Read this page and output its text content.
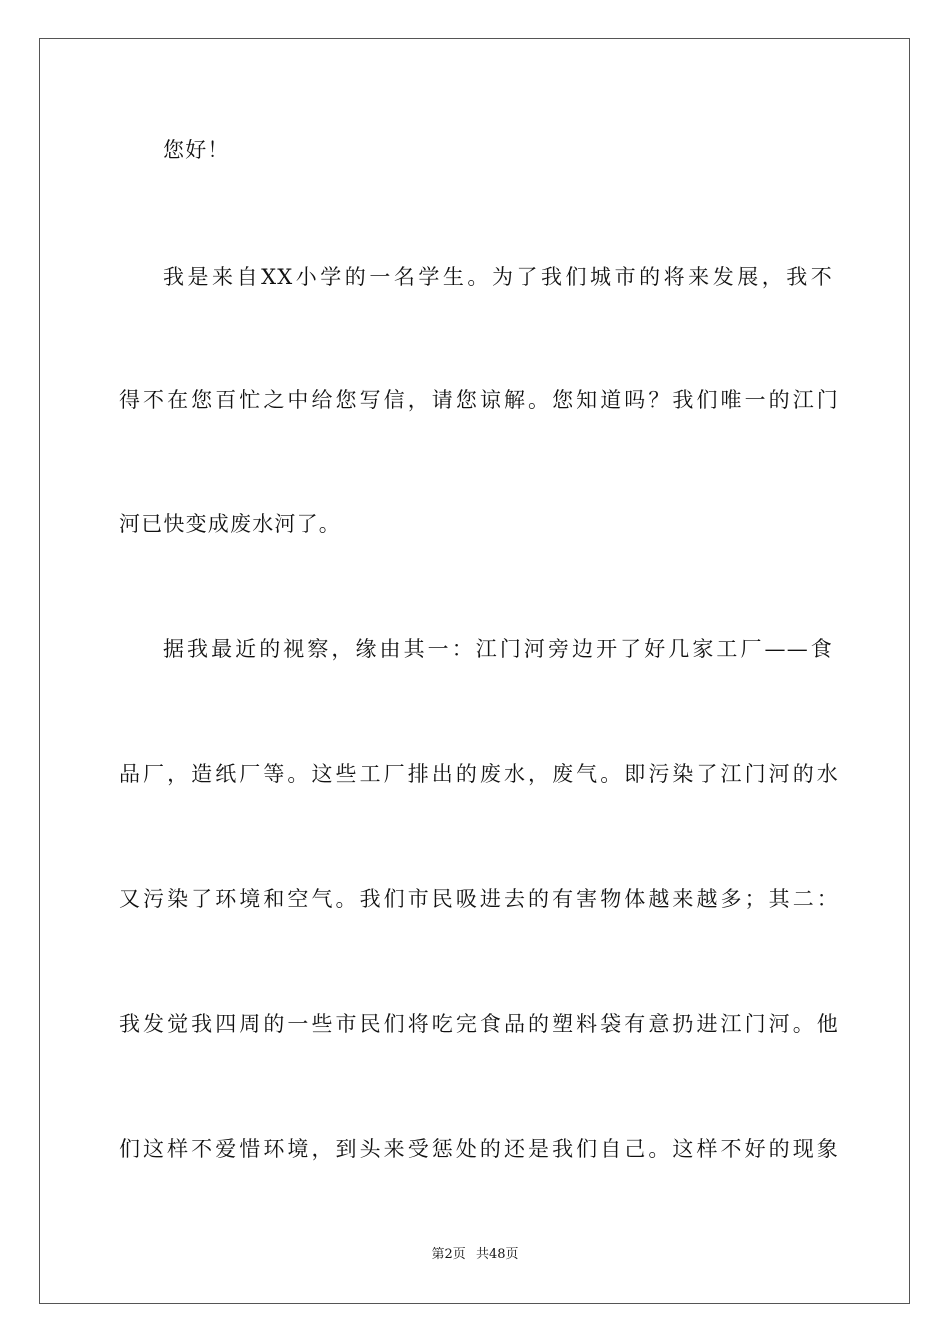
您好！
我是来自XX小学的一名学生。为了我们城市的将来发展，我不
得不在您百忙之中给您写信，请您谅解。您知道吗？我们唯一的江门
河已快变成废水河了。
据我最近的视察，缘由其一：江门河旁边开了好几家工厂——食
品厂，造纸厂等。这些工厂排出的废水，废气。即污染了江门河的水
又污染了环境和空气。我们市民吸进去的有害物体越来越多；其二：
我发觉我四周的一些市民们将吃完食品的塑料袋有意扔进江门河。他
们这样不爱惜环境，到头来受惩处的还是我们自己。这样不好的现象
第2页 共48页
